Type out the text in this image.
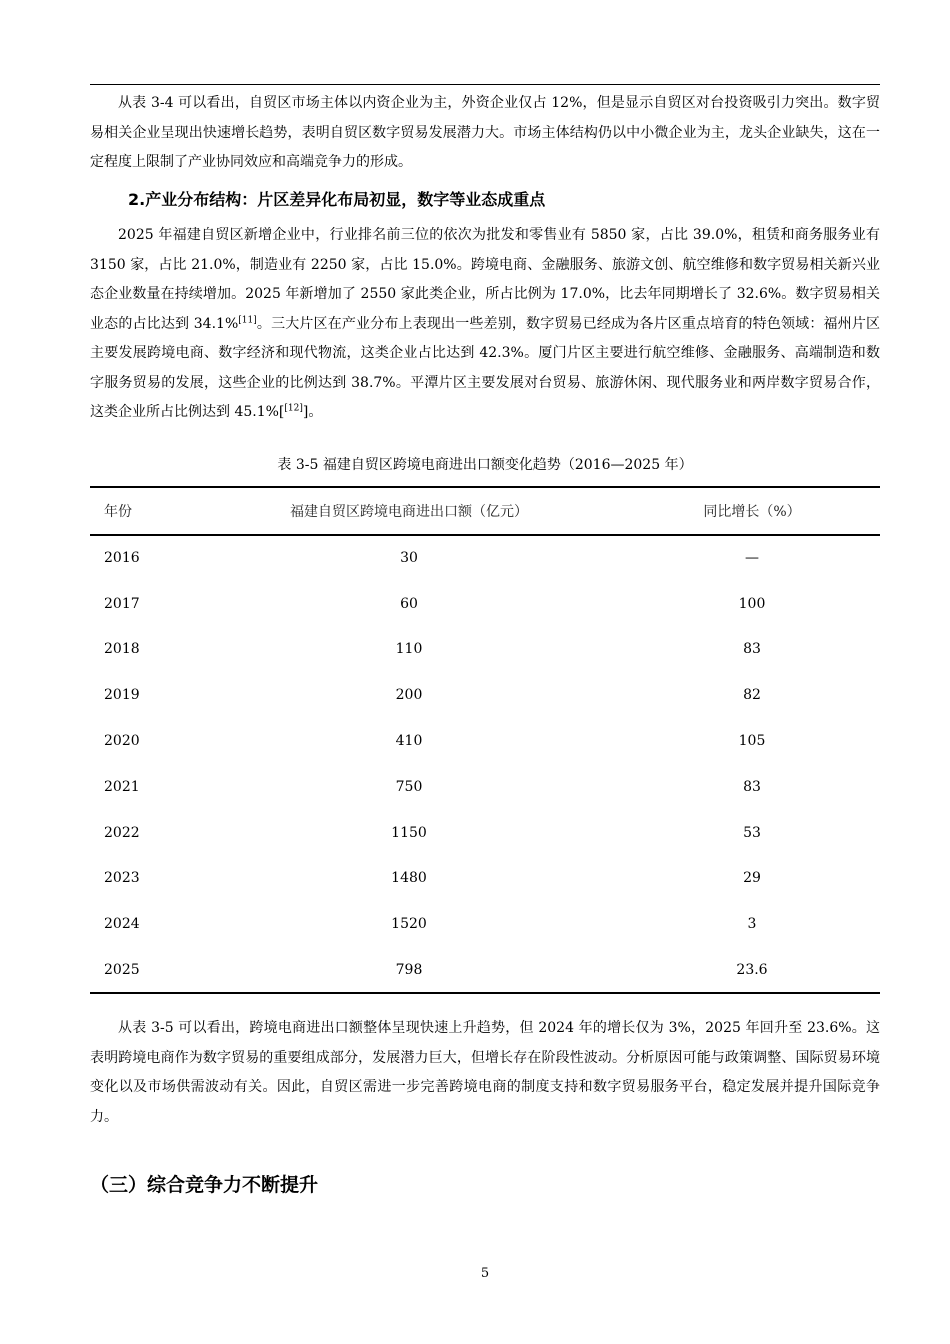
从表 3-4 可以看出，自贸区市场主体以内资企业为主，外资企业仅占 12%，但是显示自贸区对台投资吸引力突出。数字贸易相关企业呈现出快速增长趋势，表明自贸区数字贸易发展潜力大。市场主体结构仍以中小微企业为主，龙头企业缺失，这在一定程度上限制了产业协同效应和高端竞争力的形成。

2.产业分布结构：片区差异化布局初显，数字等业态成重点

2025 年福建自贸区新增企业中，行业排名前三位的依次为批发和零售业有 5850 家，占比 39.0%，租赁和商务服务业有 3150 家，占比 21.0%，制造业有 2250 家，占比 15.0%。跨境电商、金融服务、旅游文创、航空维修和数字贸易相关新兴业态企业数量在持续增加。2025 年新增加了 2550 家此类企业，所占比例为 17.0%，比去年同期增长了 32.6%。数字贸易相关业态的占比达到 34.1%[11]。三大片区在产业分布上表现出一些差别，数字贸易已经成为各片区重点培育的特色领域：福州片区主要发展跨境电商、数字经济和现代物流，这类企业占比达到 42.3%。厦门片区主要进行航空维修、金融服务、高端制造和数字服务贸易的发展，这些企业的比例达到 38.7%。平潭片区主要发展对台贸易、旅游休闲、现代服务业和两岸数字贸易合作，这类企业所占比例达到 45.1%[[12]]。

表 3-5 福建自贸区跨境电商进出口额变化趋势（2016—2025 年）

年份	福建自贸区跨境电商进出口额（亿元）	同比增长（%）
2016	30	—
2017	60	100
2018	110	83
2019	200	82
2020	410	105
2021	750	83
2022	1150	53
2023	1480	29
2024	1520	3
2025	798	23.6

从表 3-5 可以看出，跨境电商进出口额整体呈现快速上升趋势，但 2024 年的增长仅为 3%，2025 年回升至 23.6%。这表明跨境电商作为数字贸易的重要组成部分，发展潜力巨大，但增长存在阶段性波动。分析原因可能与政策调整、国际贸易环境变化以及市场供需波动有关。因此，自贸区需进一步完善跨境电商的制度支持和数字贸易服务平台，稳定发展并提升国际竞争力。

（三）综合竞争力不断提升

5
